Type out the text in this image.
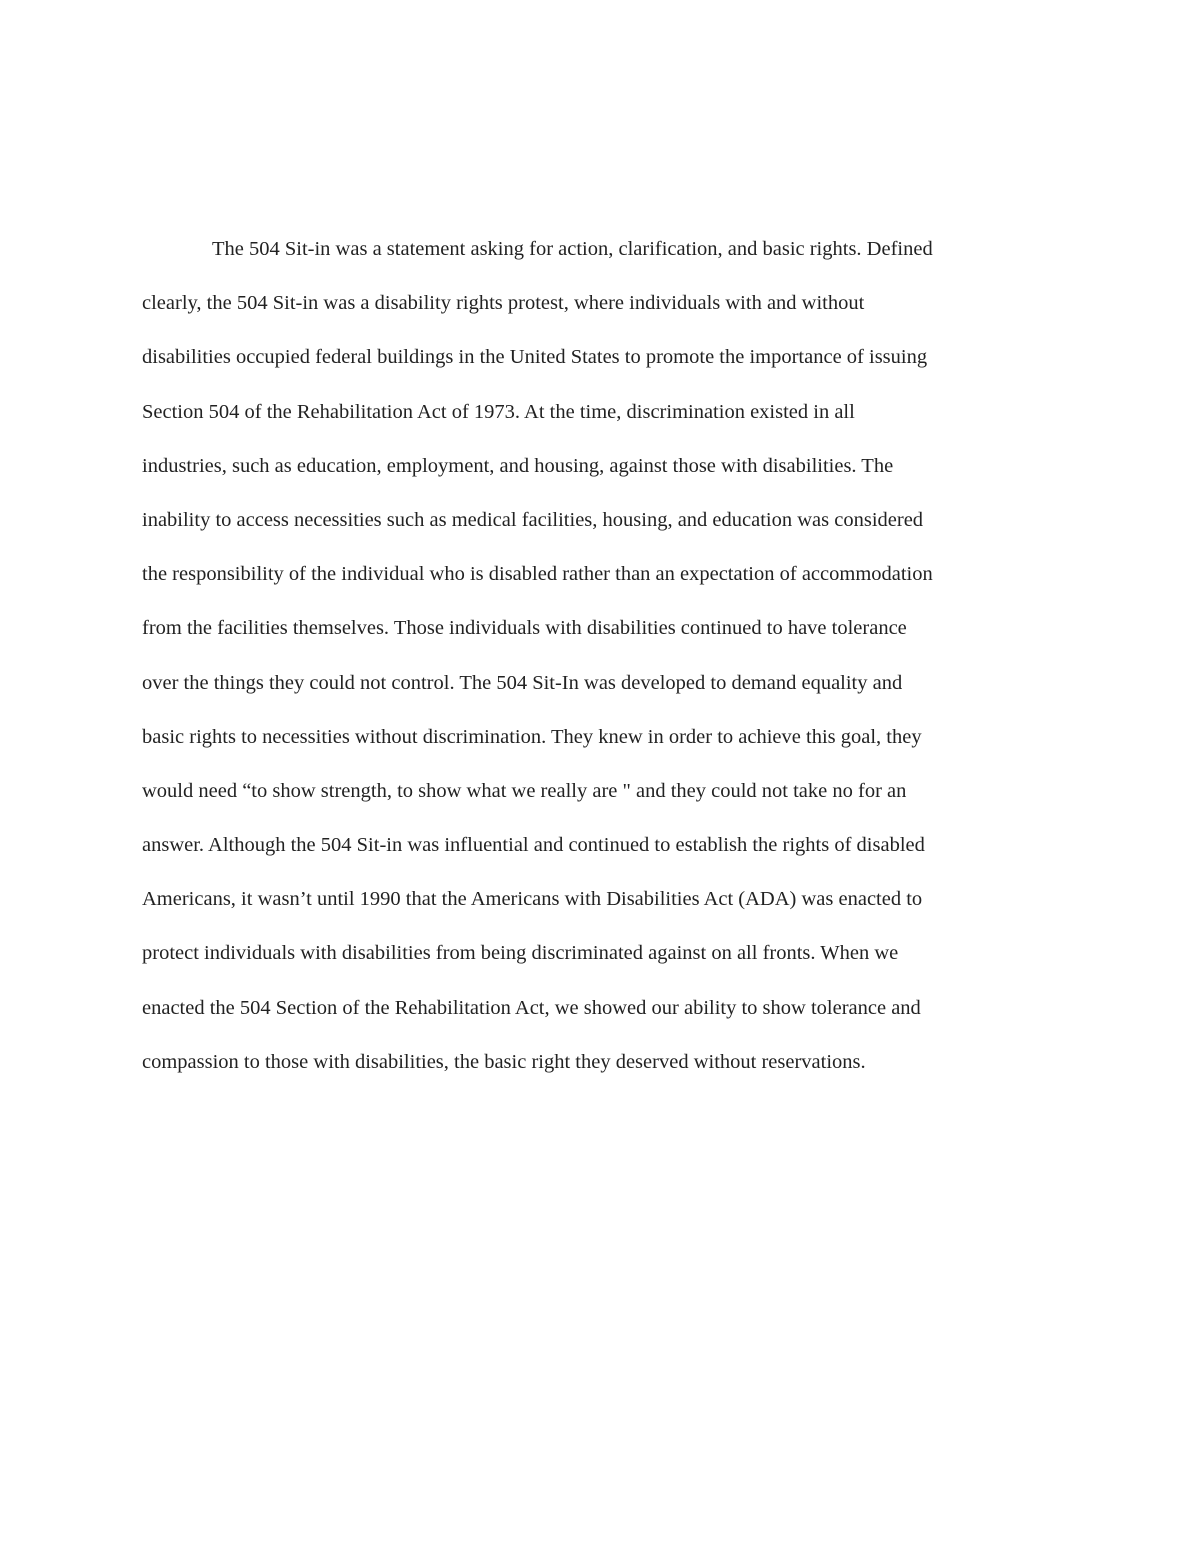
The 504 Sit-in was a statement asking for action, clarification, and basic rights. Defined
clearly, the 504 Sit-in was a disability rights protest, where individuals with and without
disabilities occupied federal buildings in the United States to promote the importance of issuing
Section 504 of the Rehabilitation Act of 1973. At the time, discrimination existed in all
industries, such as education, employment, and housing, against those with disabilities. The
inability to access necessities such as medical facilities, housing, and education was considered
the responsibility of the individual who is disabled rather than an expectation of accommodation
from the facilities themselves. Those individuals with disabilities continued to have tolerance
over the things they could not control. The 504 Sit-In was developed to demand equality and
basic rights to necessities without discrimination. They knew in order to achieve this goal, they
would need “to show strength, to show what we really are " and they could not take no for an
answer. Although the 504 Sit-in was influential and continued to establish the rights of disabled
Americans, it wasn’t until 1990 that the Americans with Disabilities Act (ADA) was enacted to
protect individuals with disabilities from being discriminated against on all fronts. When we
enacted the 504 Section of the Rehabilitation Act, we showed our ability to show tolerance and
compassion to those with disabilities, the basic right they deserved without reservations.
